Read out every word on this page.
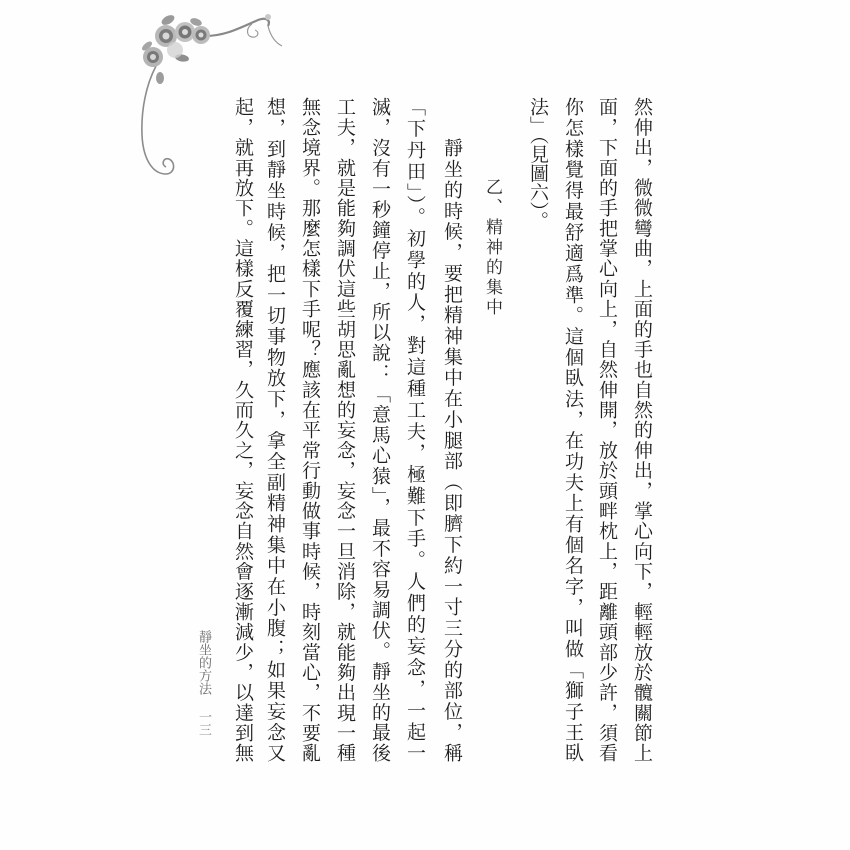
然伸出，微微彎曲，上面的手也自然的伸出，掌心向下，輕輕放於髖關節上
面，下面的手把掌心向上，自然伸開，放於頭畔枕上，距離頭部少許，須看
你怎樣覺得最舒適爲準。這個臥法，在功夫上有個名字，叫做「獅子王臥
法」（見圖六）。
乙、精神的集中
靜坐的時候，要把精神集中在小腿部（即臍下約一寸三分的部位，稱
「下丹田」）。初學的人，對這種工夫，極難下手。人們的妄念，一起一
滅，沒有一秒鐘停止，所以說：「意馬心猿」，最不容易調伏。靜坐的最後
工夫，就是能夠調伏這些胡思亂想的妄念，妄念一旦消除，就能夠出現一種
無念境界。那麼怎樣下手呢？應該在平常行動做事時候，時刻當心，不要亂
想，到靜坐時候，把一切事物放下，拿全副精神集中在小腹；如果妄念又
起，就再放下。這樣反覆練習，久而久之，妄念自然會逐漸減少，以達到無
靜坐的方法
一三
